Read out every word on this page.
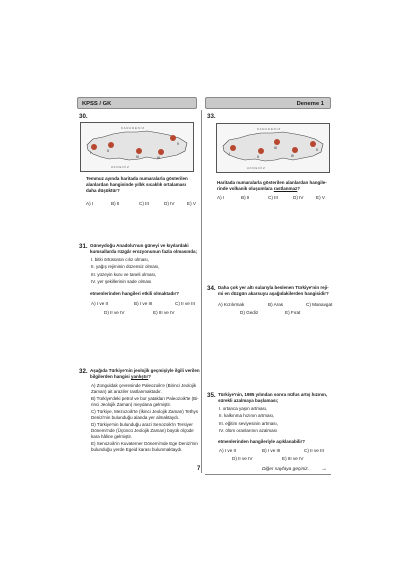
KPSS / GK	Deneme 1
30.
K A R A D E N İ Z
A K D E N İ Z
I	II
III	IV
V
Temmuz ayında haritada numaralarla gösterilen
alanlardan hangisinde yıllık sıcaklık ortalaması
daha düşüktür?
A) I	B) II	C) III	D) IV	E) V
33.
K A R A D E N İ Z
A K D E N İ Z
I
II
III
IV
V
Haritada numaralarla gösterilen alanlardan hangile-
rinde volkanik oluşumlara rastlanmaz?
A) I	B) II	C) III	D) IV	E) V
31. Güneydoğu Anadolu'nun güneyi ve kıyılardaki
kumsallarda rüzgâr erozyonunun fazla olmasında;
I. bitki örtüsünün cılız olması,
II. yağış rejiminin düzensiz olması,
III. yüzeyin kuru ve taneli olması,
IV. yer şekillerinin sade olması
etmenlerinden hangileri etkili olmaktadır?
A) I ve II	B) I ve III	C) II ve III
D) II ve IV	E) III ve IV
34. Daha çok yer altı sularıyla beslenen Türkiye'nin reji-
mi en düzgün akarsuyu aşağıdakilerden hangisidir?
A) Kızılırmak	B) Aras	C) Manavgat
D) Gediz	E) Fırat
32. Aşağıda Türkiye'nin jeolojik geçmişiyle ilgili verilen
bilgilerden hangisi yanlıştır?
A) Zonguldak çevresinde Paleozoik'e (Birinci Jeolojik
Zaman) ait araziler rastlanmaktadır.
B) Türkiye'deki petrol ve bor yatakları Paleozoik'te (Bi-
rinci Jeolojik Zaman) meydana gelmiştir.
C) Türkiye, Mezozoik'te (İkinci Jeolojik Zaman) Tethys
Denizi'nin bulunduğu alanda yer almaktaydı.
D) Türkiye'nin bulunduğu arazi Senozoik'in Tersiyer
Dönemi'nde (Üçüncü Jeolojik Zaman) büyük ölçüde
kara hâline gelmiştir.
E) Senozoik'in Kuvaterner Dönemi'nde Ege Denizi'nin
bulunduğu yerde Egeid karası bulunmaktaydı.
35. Türkiye'nin, 1985 yılından sonra nüfus artış hızının,
sürekli azalmaya başlaması;
I. ortanca yaşın artması,
II. kalkınma hızının artması,
III. eğitim seviyesinin artması,
IV. ölüm oranlarının azalması
etmenlerinden hangileriyle açıklanabilir?
A) I ve II	B) I ve III	C) II ve III
D) II ve IV	E) III ve IV
7	Diğer sayfaya geçiniz. →
